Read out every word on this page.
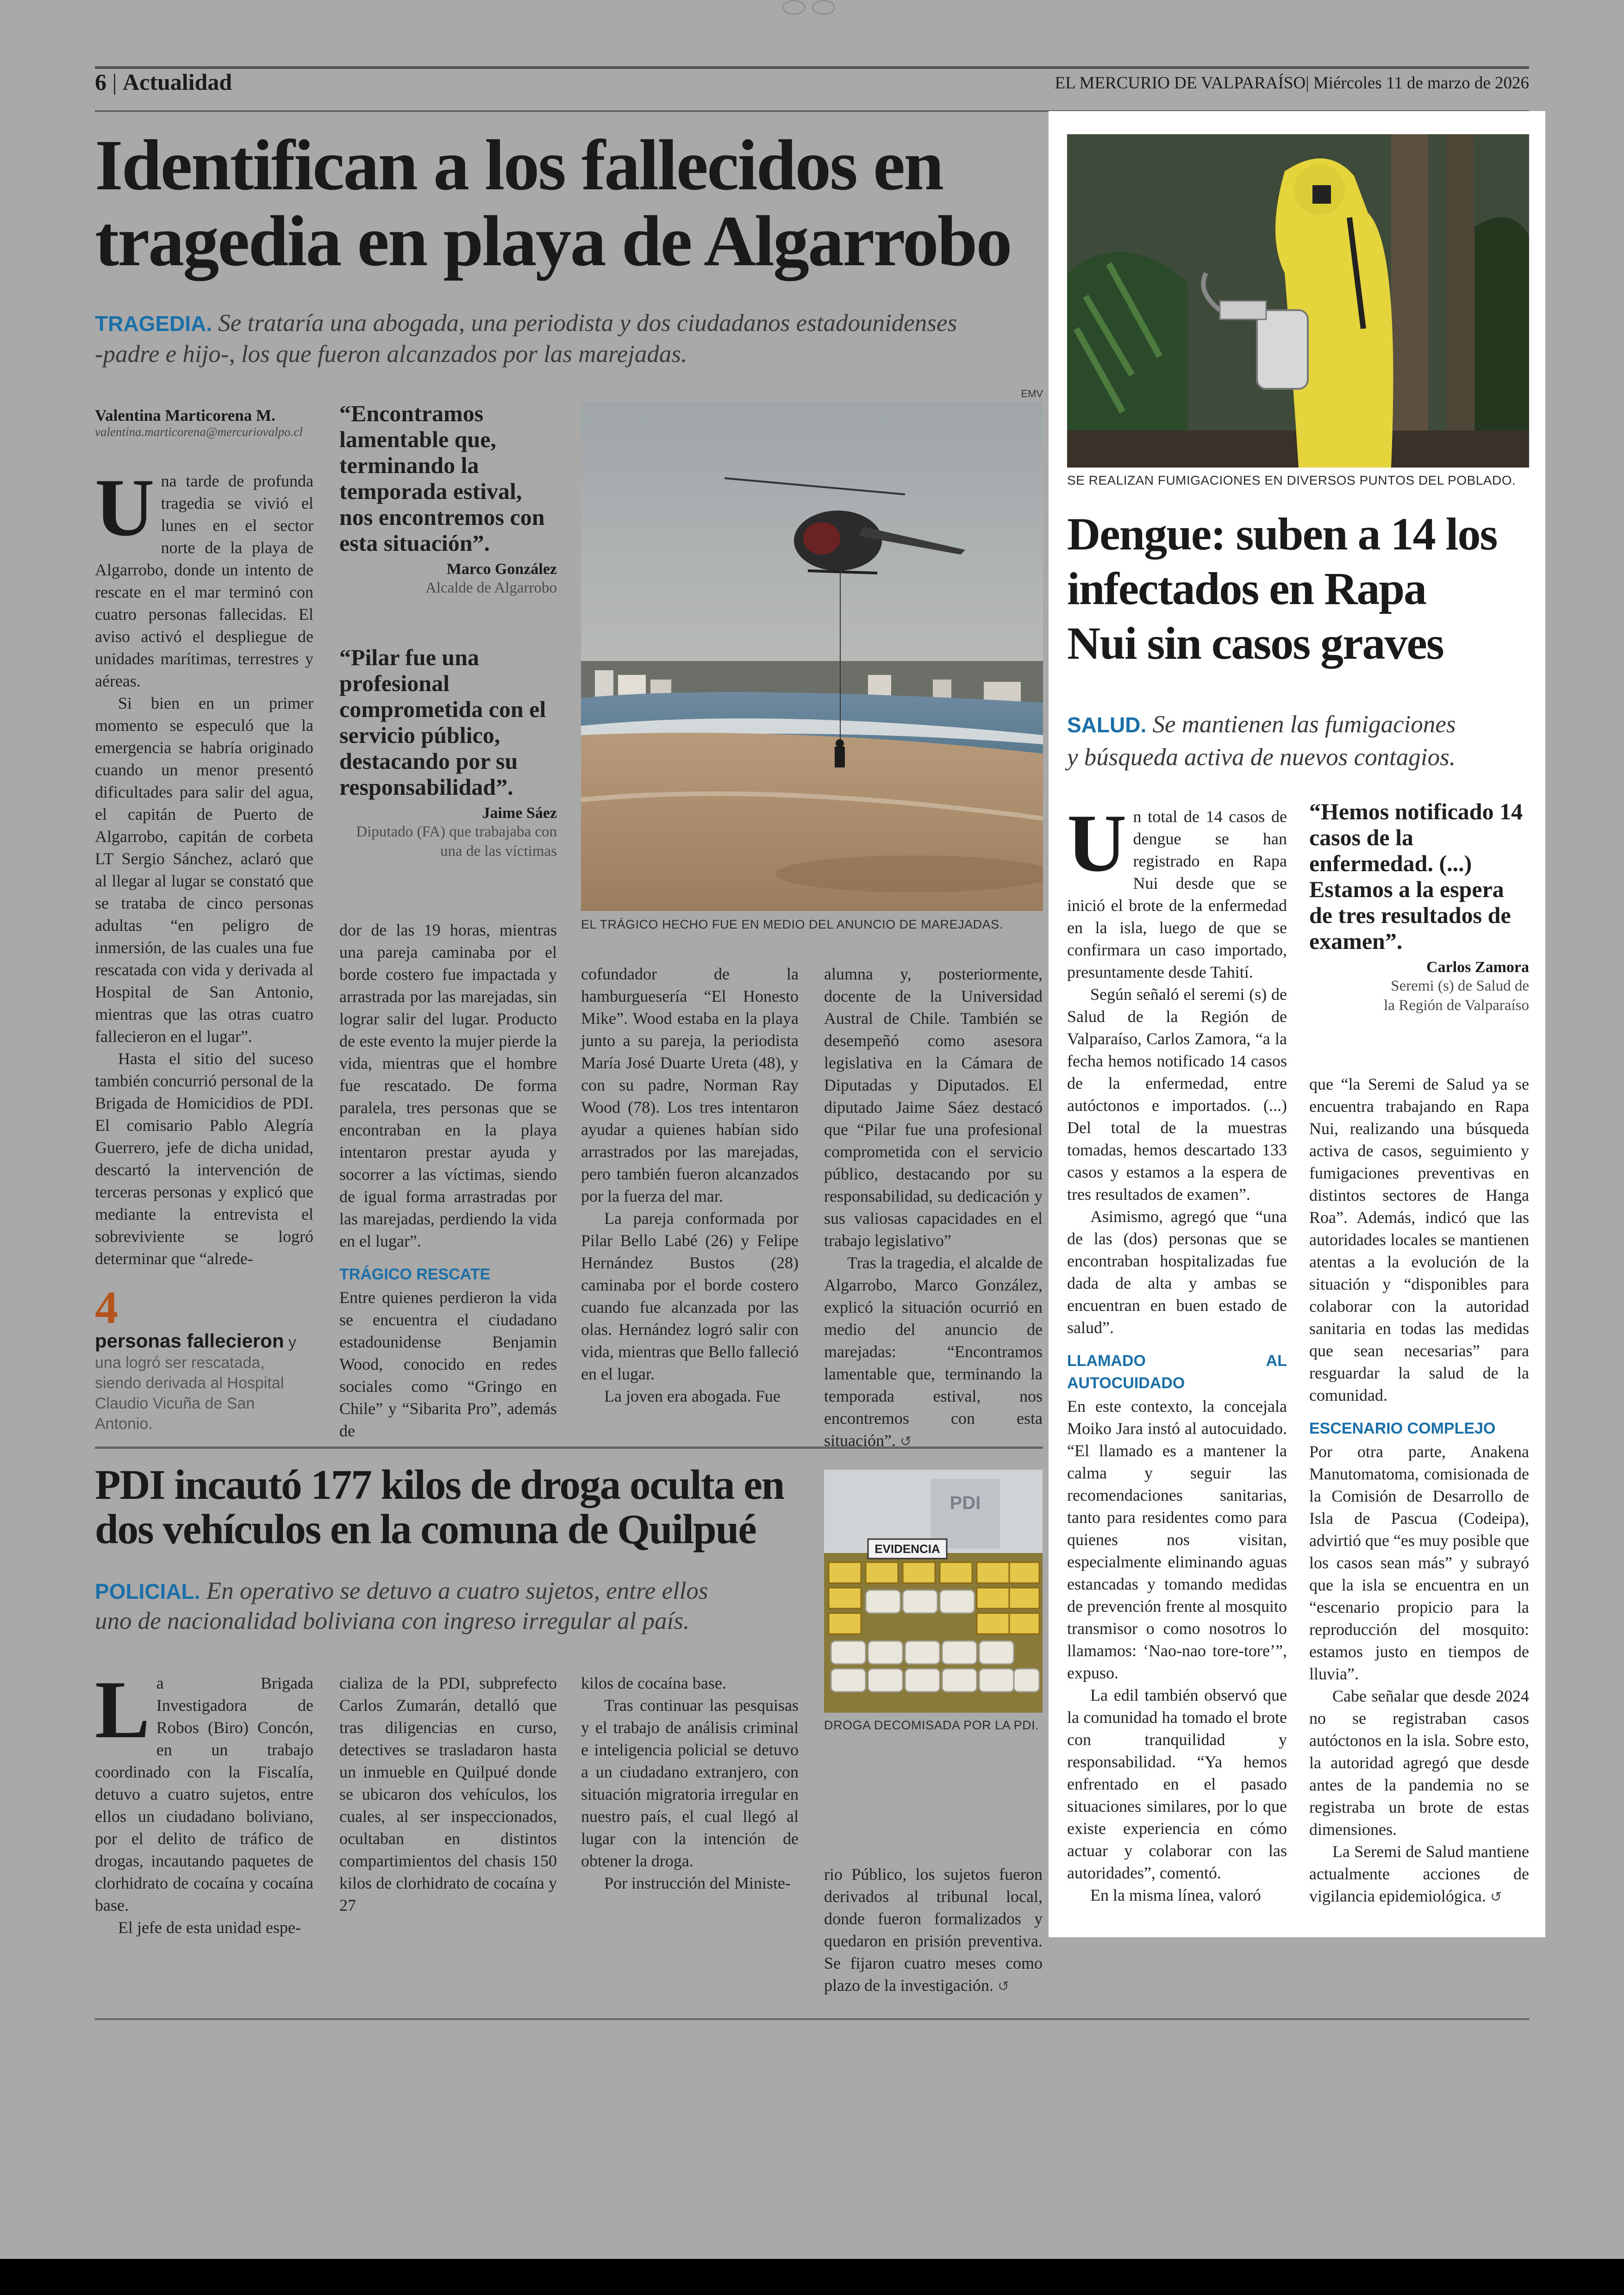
6 | Actualidad	EL MERCURIO DE VALPARAÍSO| Miércoles 11 de marzo de 2026
Identifican a los fallecidos en
tragedia en playa de Algarrobo
TRAGEDIA. Se trataría una abogada, una periodista y dos ciudadanos estadounidenses
-padre e hijo-, los que fueron alcanzados por las marejadas.
Valentina Marticorena M.
valentina.marticorena@mercuriovalpo.cl

Una tarde de profunda tragedia se vivió el lunes en el sector norte de la playa de Algarrobo, donde un intento de rescate en el mar terminó con cuatro personas fallecidas. El aviso activó el despliegue de unidades marítimas, terrestres y aéreas.

Si bien en un primer momento se especuló que la emergencia se habría originado cuando un menor presentó dificultades para salir del agua, el capitán de Puerto de Algarrobo, capitán de corbeta LT Sergio Sánchez, aclaró que al llegar al lugar se constató que se trataba de cinco personas adultas “en peligro de inmersión, de las cuales una fue rescatada con vida y derivada al Hospital de San Antonio, mientras que las otras cuatro fallecieron en el lugar”.

Hasta el sitio del suceso también concurrió personal de la Brigada de Homicidios de PDI. El comisario Pablo Alegría Guerrero, jefe de dicha unidad, descartó la intervención de terceras personas y explicó que mediante la entrevista el sobreviviente se logró determinar que “alrede-

4
personas fallecieron y una logró ser rescatada, siendo derivada al Hospital Claudio Vicuña de San Antonio.
“Encontramos lamentable que, terminando la temporada estival, nos encontremos con esta situación”.
Marco González
Alcalde de Algarrobo
“Pilar fue una profesional comprometida con el servicio público, destacando por su responsabilidad”.
Jaime Sáez
Diputado (FA) que trabajaba con una de las víctimas
EMV
EL TRÁGICO HECHO FUE EN MEDIO DEL ANUNCIO DE MAREJADAS.

dor de las 19 horas, mientras una pareja caminaba por el borde costero fue impactada y arrastrada por las marejadas, sin lograr salir del lugar. Producto de este evento la mujer pierde la vida, mientras que el hombre fue rescatado. De forma paralela, tres personas que se encontraban en la playa intentaron prestar ayuda y socorrer a las víctimas, siendo de igual forma arrastradas por las marejadas, perdiendo la vida en el lugar”.

TRÁGICO RESCATE

Entre quienes perdieron la vida se encuentra el ciudadano estadounidense Benjamin Wood, conocido en redes sociales como “Gringo en Chile” y “Sibarita Pro”, además de

cofundador de la hamburguesería “El Honesto Mike”. Wood estaba en la playa junto a su pareja, la periodista María José Duarte Ureta (48), y con su padre, Norman Ray Wood (78). Los tres intentaron ayudar a quienes habían sido arrastrados por las marejadas, pero también fueron alcanzados por la fuerza del mar.

La pareja conformada por Pilar Bello Labé (26) y Felipe Hernández Bustos (28) caminaba por el borde costero cuando fue alcanzada por las olas. Hernández logró salir con vida, mientras que Bello falleció en el lugar.

La joven era abogada. Fue

alumna y, posteriormente, docente de la Universidad Austral de Chile. También se desempeñó como asesora legislativa en la Cámara de Diputadas y Diputados. El diputado Jaime Sáez destacó que “Pilar fue una profesional comprometida con el servicio público, destacando por su responsabilidad, su dedicación y sus valiosas capacidades en el trabajo legislativo”

Tras la tragedia, el alcalde de Algarrobo, Marco González, explicó la situación ocurrió en medio del anuncio de marejadas: “Encontramos lamentable que, terminando la temporada estival, nos encontremos con esta situación”. ↺

PDI incautó 177 kilos de droga oculta en
dos vehículos en la comuna de Quilpué
POLICIAL. En operativo se detuvo a cuatro sujetos, entre ellos
uno de nacionalidad boliviana con ingreso irregular al país.

La Brigada Investigadora de Robos (Biro) Concón, en un trabajo coordinado con la Fiscalía, detuvo a cuatro sujetos, entre ellos un ciudadano boliviano, por el delito de tráfico de drogas, incautando paquetes de clorhidrato de cocaína y cocaína base.

El jefe de esta unidad espe-

cializa de la PDI, subprefecto Carlos Zumarán, detalló que tras diligencias en curso, detectives se trasladaron hasta un inmueble en Quilpué donde se ubicaron dos vehículos, los cuales, al ser inspeccionados, ocultaban en distintos compartimientos del chasis 150 kilos de clorhidrato de cocaína y 27

kilos de cocaína base.

Tras continuar las pesquisas y el trabajo de análisis criminal e inteligencia policial se detuvo a un ciudadano extranjero, con situación migratoria irregular en nuestro país, el cual llegó al lugar con la intención de obtener la droga.

Por instrucción del Ministe-

PDI
EVIDENCIA
DROGA DECOMISADA POR LA PDI.

rio Público, los sujetos fueron derivados al tribunal local, donde fueron formalizados y quedaron en prisión preventiva. Se fijaron cuatro meses como plazo de la investigación. ↺

SE REALIZAN FUMIGACIONES EN DIVERSOS PUNTOS DEL POBLADO.
Dengue: suben a 14 los
infectados en Rapa
Nui sin casos graves
SALUD. Se mantienen las fumigaciones
y búsqueda activa de nuevos contagios.

Un total de 14 casos de dengue se han registrado en Rapa Nui desde que se inició el brote de la enfermedad en la isla, luego de que se confirmara un caso importado, presuntamente desde Tahití.

Según señaló el seremi (s) de Salud de la Región de Valparaíso, Carlos Zamora, “a la fecha hemos notificado 14 casos de la enfermedad, entre autóctonos e importados. (...) Del total de la muestras tomadas, hemos descartado 133 casos y estamos a la espera de tres resultados de examen”.

Asimismo, agregó que “una de las (dos) personas que se encontraban hospitalizadas fue dada de alta y ambas se encuentran en buen estado de salud”.

LLAMADO AL AUTOCUIDADO

En este contexto, la concejala Moiko Jara instó al autocuidado. “El llamado es a mantener la calma y seguir las recomendaciones sanitarias, tanto para residentes como para quienes nos visitan, especialmente eliminando aguas estancadas y tomando medidas de prevención frente al mosquito transmisor o como nosotros lo llamamos: ‘Nao-nao tore-tore’”, expuso.

La edil también observó que la comunidad ha tomado el brote con tranquilidad y responsabilidad. “Ya hemos enfrentado en el pasado situaciones similares, por lo que existe experiencia en cómo actuar y colaborar con las autoridades”, comentó.

En la misma línea, valoró

“Hemos notificado 14 casos de la enfermedad. (...) Estamos a la espera de tres resultados de examen”.
Carlos Zamora
Seremi (s) de Salud de
la Región de Valparaíso

que “la Seremi de Salud ya se encuentra trabajando en Rapa Nui, realizando una búsqueda activa de casos, seguimiento y fumigaciones preventivas en distintos sectores de Hanga Roa”. Además, indicó que las autoridades locales se mantienen atentas a la evolución de la situación y “disponibles para colaborar con la autoridad sanitaria en todas las medidas que sean necesarias” para resguardar la salud de la comunidad.

ESCENARIO COMPLEJO

Por otra parte, Anakena Manutomatoma, comisionada de la Comisión de Desarrollo de Isla de Pascua (Codeipa), advirtió que “es muy posible que los casos sean más” y subrayó que la isla se encuentra en un “escenario propicio para la reproducción del mosquito: estamos justo en tiempos de lluvia”.

Cabe señalar que desde 2024 no se registraban casos autóctonos en la isla. Sobre esto, la autoridad agregó que desde antes de la pandemia no se registraba un brote de estas dimensiones.

La Seremi de Salud mantiene actualmente acciones de vigilancia epidemiológica. ↺
